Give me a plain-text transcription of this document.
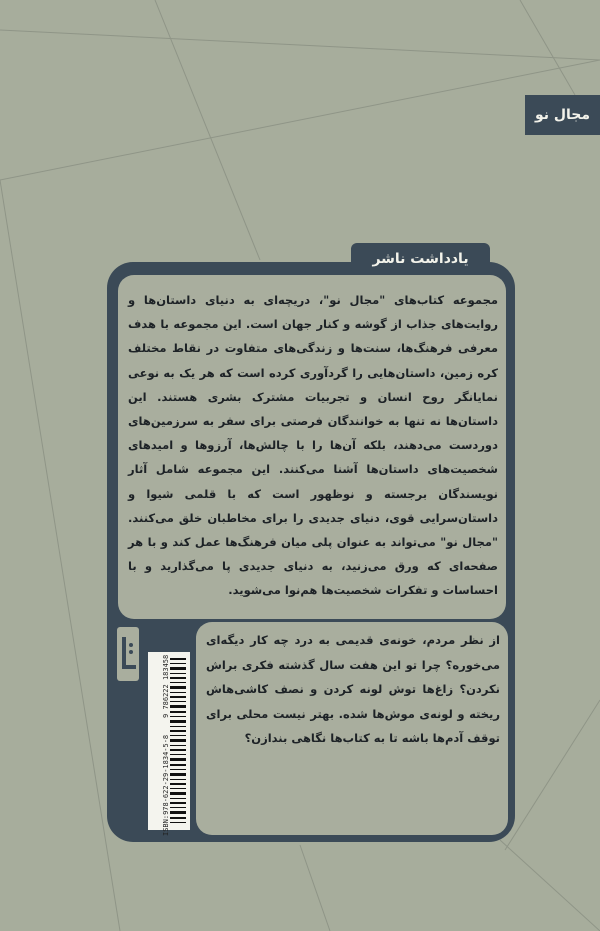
مجال نو
یادداشت ناشر
مجموعه کتاب‌های "مجال نو"، دریچه‌ای به دنیای داستان‌ها و روایت‌های جذاب از گوشه و کنار جهان است. این مجموعه با هدف معرفی فرهنگ‌ها، سنت‌ها و زندگی‌های متفاوت در نقاط مختلف کره زمین، داستان‌هایی را گردآوری کرده است که هر یک به نوعی نمایانگر روح انسان و تجربیات مشترک بشری هستند. این داستان‌ها نه تنها به خوانندگان فرصتی برای سفر به سرزمین‌های دوردست می‌دهند، بلکه آن‌ها را با چالش‌ها، آرزوها و امیدهای شخصیت‌های داستان‌ها آشنا می‌کنند. این مجموعه شامل آثار نویسندگان برجسته و نوظهور است که با قلمی شیوا و داستان‌سرایی قوی، دنیای جدیدی را برای مخاطبان خلق می‌کنند. "مجال نو" می‌تواند به عنوان پلی میان فرهنگ‌ها عمل کند و با هر صفحه‌ای که ورق می‌زنید، به دنیای جدیدی پا می‌گذارید و با احساسات و تفکرات شخصیت‌ها هم‌نوا می‌شوید.
از نظر مردم، خونه‌ی قدیمی به درد چه کار دیگه‌ای می‌خوره؟ چرا تو این هفت سال گذشته فکری براش نکردن؟ زاغ‌ها توش لونه کردن و نصف کاشی‌هاش ریخته و لونه‌ی موش‌ها شده. بهتر نیست محلی برای توقف آدم‌ها باشه تا به کتاب‌ها نگاهی بندازن؟
ISBN:978-622-29-1834-5-8    9 786222 183458
